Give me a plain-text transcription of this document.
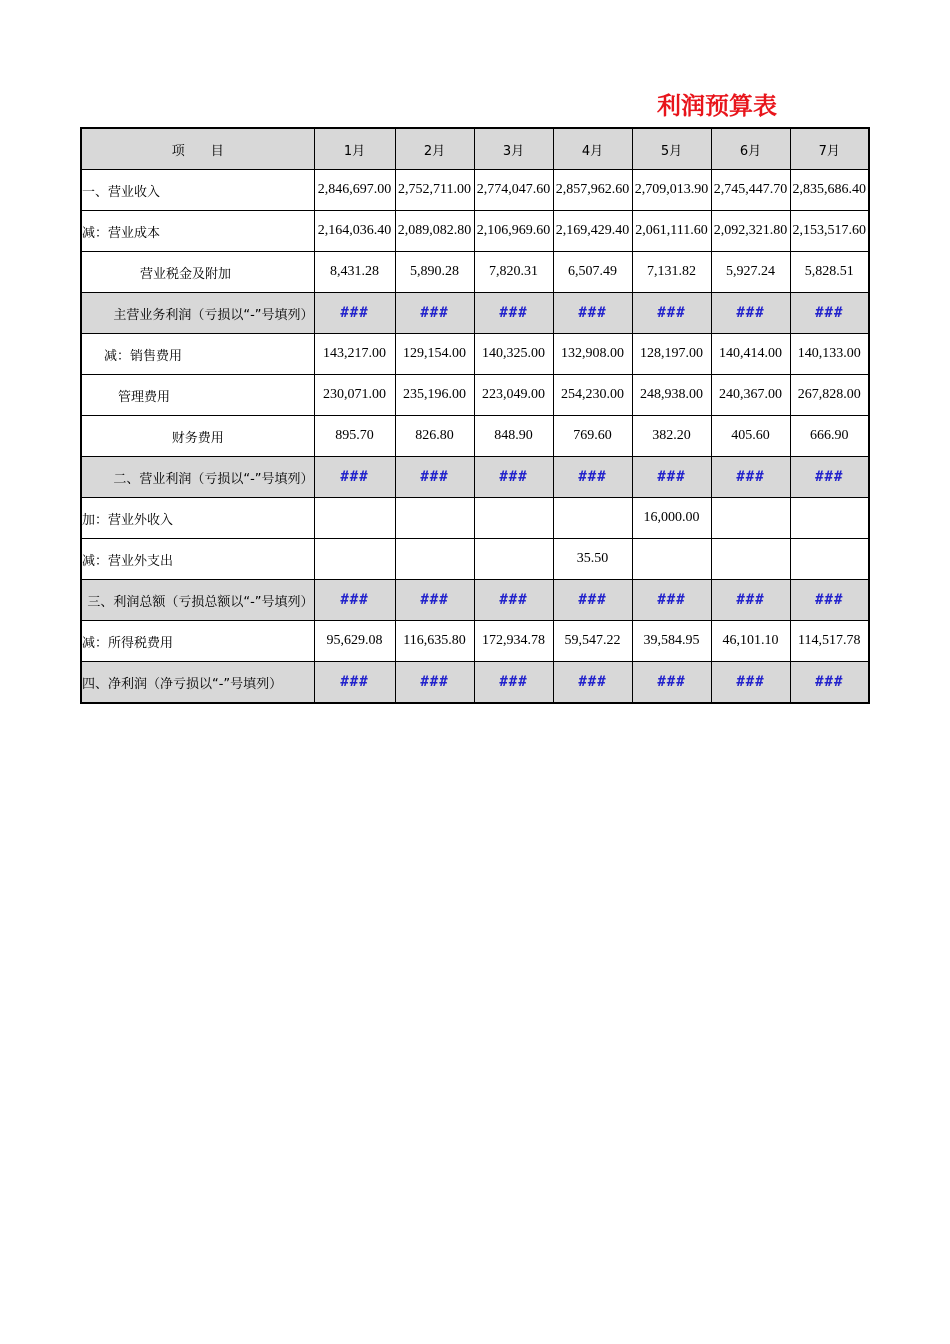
利润预算表
项　　目	1月	2月	3月	4月	5月	6月	7月
一、营业收入	2,846,697.00	2,752,711.00	2,774,047.60	2,857,962.60	2,709,013.90	2,745,447.70	2,835,686.40
减：营业成本	2,164,036.40	2,089,082.80	2,106,969.60	2,169,429.40	2,061,111.60	2,092,321.80	2,153,517.60
营业税金及附加	8,431.28	5,890.28	7,820.31	6,507.49	7,131.82	5,927.24	5,828.51
主营业务利润（亏损以“-”号填列）	###	###	###	###	###	###	###
减：销售费用	143,217.00	129,154.00	140,325.00	132,908.00	128,197.00	140,414.00	140,133.00
管理费用	230,071.00	235,196.00	223,049.00	254,230.00	248,938.00	240,367.00	267,828.00
财务费用	895.70	826.80	848.90	769.60	382.20	405.60	666.90
二、营业利润（亏损以“-”号填列）	###	###	###	###	###	###	###
加：营业外收入					16,000.00		
减：营业外支出				35.50			
三、利润总额（亏损总额以“-”号填列）	###	###	###	###	###	###	###
减：所得税费用	95,629.08	116,635.80	172,934.78	59,547.22	39,584.95	46,101.10	114,517.78
四、净利润（净亏损以“-”号填列）	###	###	###	###	###	###	###
